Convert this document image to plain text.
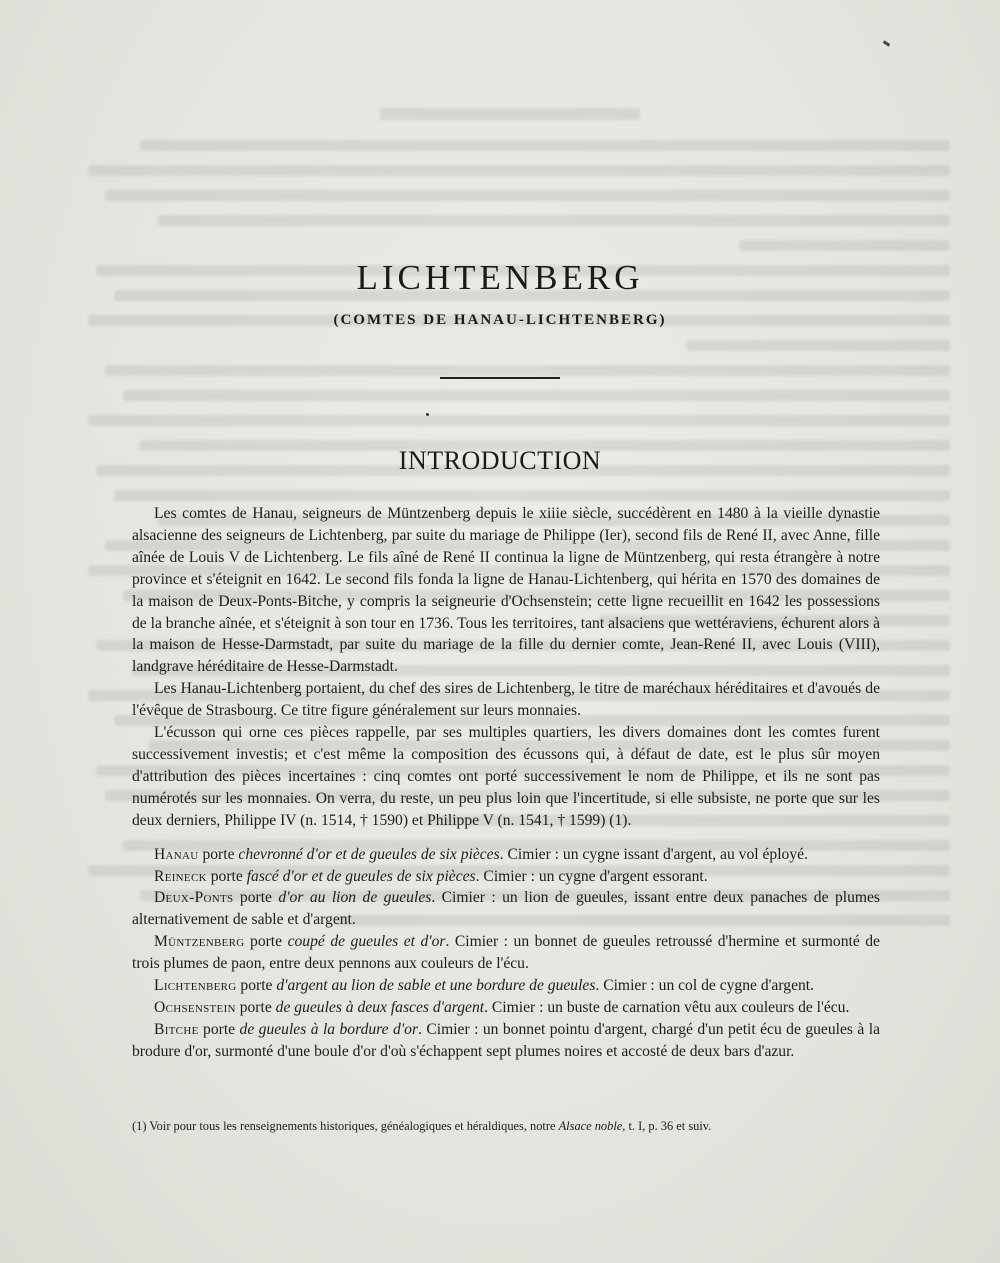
LICHTENBERG
(COMTES DE HANAU-LICHTENBERG)
INTRODUCTION

Les comtes de Hanau, seigneurs de Müntzenberg depuis le xiiie siècle, succédèrent en 1480 à la vieille dynastie alsacienne des seigneurs de Lichtenberg, par suite du mariage de Philippe (Ier), second fils de René II, avec Anne, fille aînée de Louis V de Lichtenberg. Le fils aîné de René II continua la ligne de Müntzenberg, qui resta étrangère à notre province et s'éteignit en 1642. Le second fils fonda la ligne de Hanau-Lichtenberg, qui hérita en 1570 des domaines de la maison de Deux-Ponts-Bitche, y compris la seigneurie d'Ochsenstein; cette ligne recueillit en 1642 les possessions de la branche aînée, et s'éteignit à son tour en 1736. Tous les territoires, tant alsaciens que wettéraviens, échurent alors à la maison de Hesse-Darmstadt, par suite du mariage de la fille du dernier comte, Jean-René II, avec Louis (VIII), landgrave héréditaire de Hesse-Darmstadt.

Les Hanau-Lichtenberg portaient, du chef des sires de Lichtenberg, le titre de maréchaux héréditaires et d'avoués de l'évêque de Strasbourg. Ce titre figure généralement sur leurs monnaies.

L'écusson qui orne ces pièces rappelle, par ses multiples quartiers, les divers domaines dont les comtes furent successivement investis; et c'est même la composition des écussons qui, à défaut de date, est le plus sûr moyen d'attribution des pièces incertaines : cinq comtes ont porté successivement le nom de Philippe, et ils ne sont pas numérotés sur les monnaies. On verra, du reste, un peu plus loin que l'incertitude, si elle subsiste, ne porte que sur les deux derniers, Philippe IV (n. 1514, † 1590) et Philippe V (n. 1541, † 1599) (1).

Hanau porte chevronné d'or et de gueules de six pièces. Cimier : un cygne issant d'argent, au vol éployé.

Reineck porte fascé d'or et de gueules de six pièces. Cimier : un cygne d'argent essorant.

Deux-Ponts porte d'or au lion de gueules. Cimier : un lion de gueules, issant entre deux panaches de plumes alternativement de sable et d'argent.

Müntzenberg porte coupé de gueules et d'or. Cimier : un bonnet de gueules retroussé d'hermine et surmonté de trois plumes de paon, entre deux pennons aux couleurs de l'écu.

Lichtenberg porte d'argent au lion de sable et une bordure de gueules. Cimier : un col de cygne d'argent.

Ochsenstein porte de gueules à deux fasces d'argent. Cimier : un buste de carnation vêtu aux couleurs de l'écu.

Bitche porte de gueules à la bordure d'or. Cimier : un bonnet pointu d'argent, chargé d'un petit écu de gueules à la brodure d'or, surmonté d'une boule d'or d'où s'échappent sept plumes noires et accosté de deux bars d'azur.

(1) Voir pour tous les renseignements historiques, généalogiques et héraldiques, notre Alsace noble, t. I, p. 36 et suiv.
